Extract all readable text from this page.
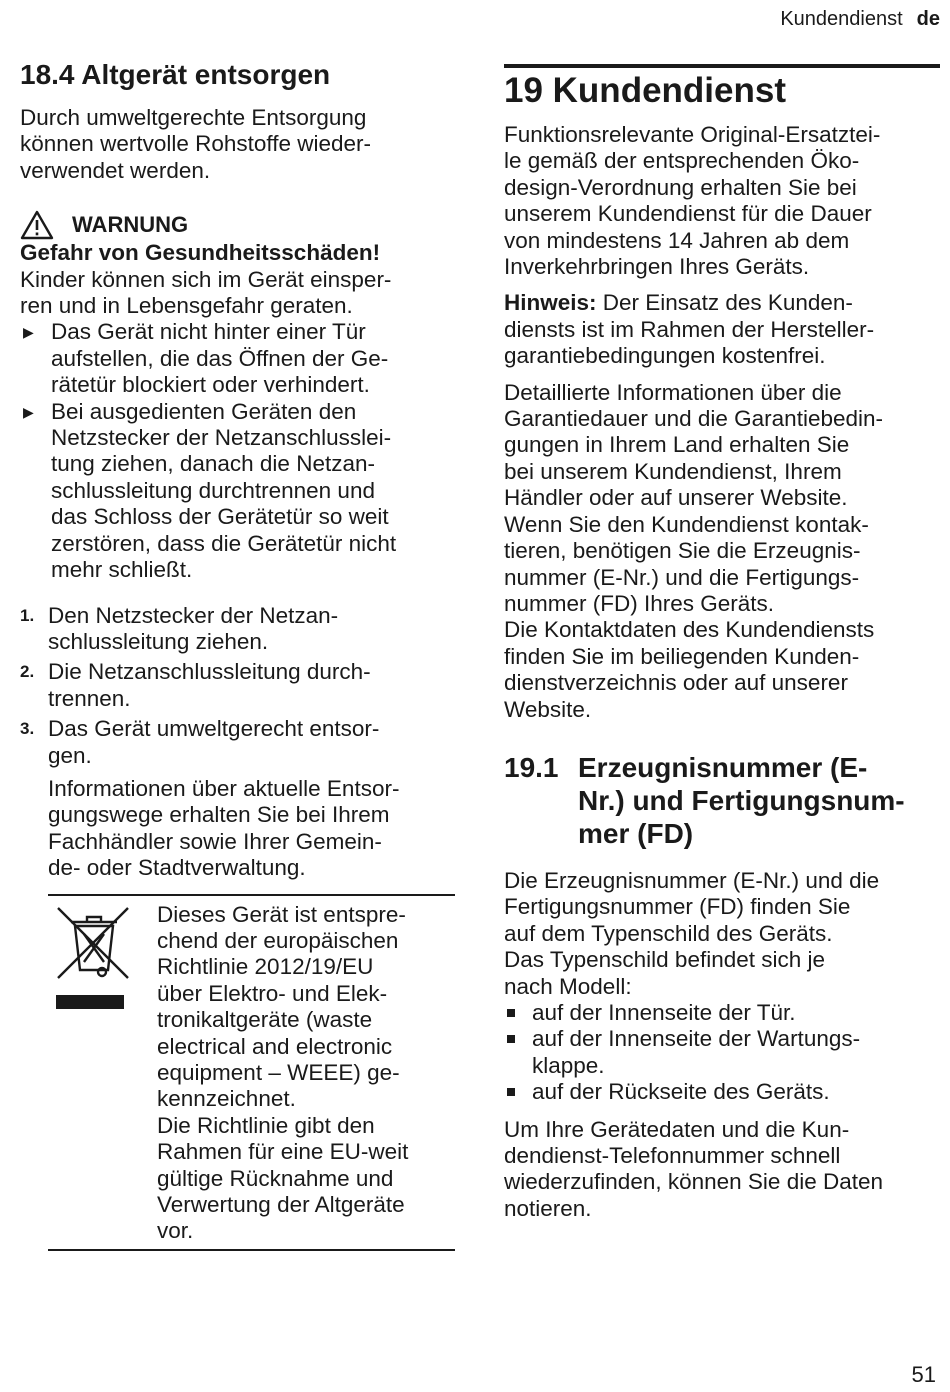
Kundendienst de
18.4 Altgerät entsorgen

Durch umweltgerechte Entsorgung
können wertvolle Rohstoffe wieder-
verwendet werden.

WARNUNG

Gefahr von Gesundheitsschäden!

Kinder können sich im Gerät einsper-
ren und in Lebensgefahr geraten.

▶ Das Gerät nicht hinter einer Tür
aufstellen, die das Öffnen der Ge-
rätetür blockiert oder verhindert.

▶ Bei ausgedienten Geräten den
Netzstecker der Netzanschlusslei-
tung ziehen, danach die Netzan-
schlussleitung durchtrennen und
das Schloss der Gerätetür so weit
zerstören, dass die Gerätetür nicht
mehr schließt.

1. Den Netzstecker der Netzan-
schlussleitung ziehen.

2. Die Netzanschlussleitung durch-
trennen.

3. Das Gerät umweltgerecht entsor-
gen.

Informationen über aktuelle Entsor-
gungswege erhalten Sie bei Ihrem
Fachhändler sowie Ihrer Gemein-
de- oder Stadtverwaltung.

Dieses Gerät ist entspre-
chend der europäischen
Richtlinie 2012/19/EU
über Elektro- und Elek-
tronikaltgeräte (waste
electrical and electronic
equipment – WEEE) ge-
kennzeichnet.
Die Richtlinie gibt den
Rahmen für eine EU-weit
gültige Rücknahme und
Verwertung der Altgeräte
vor.

19 Kundendienst

Funktionsrelevante Original-Ersatztei-
le gemäß der entsprechenden Öko-
design-Verordnung erhalten Sie bei
unserem Kundendienst für die Dauer
von mindestens 14 Jahren ab dem
Inverkehrbringen Ihres Geräts.

Hinweis: Der Einsatz des Kunden-
diensts ist im Rahmen der Hersteller-
garantiebedingungen kostenfrei.

Detaillierte Informationen über die
Garantiedauer und die Garantiebedin-
gungen in Ihrem Land erhalten Sie
bei unserem Kundendienst, Ihrem
Händler oder auf unserer Website.
Wenn Sie den Kundendienst kontak-
tieren, benötigen Sie die Erzeugnis-
nummer (E-Nr.) und die Fertigungs-
nummer (FD) Ihres Geräts.
Die Kontaktdaten des Kundendiensts
finden Sie im beiliegenden Kunden-
dienstverzeichnis oder auf unserer
Website.

19.1 Erzeugnisnummer (E-
Nr.) und Fertigungsnum-
mer (FD)

Die Erzeugnisnummer (E-Nr.) und die
Fertigungsnummer (FD) finden Sie
auf dem Typenschild des Geräts.
Das Typenschild befindet sich je
nach Modell:

auf der Innenseite der Tür.

auf der Innenseite der Wartungs-
klappe.

auf der Rückseite des Geräts.

Um Ihre Gerätedaten und die Kun-
dendienst-Telefonnummer schnell
wiederzufinden, können Sie die Daten
notieren.

51
